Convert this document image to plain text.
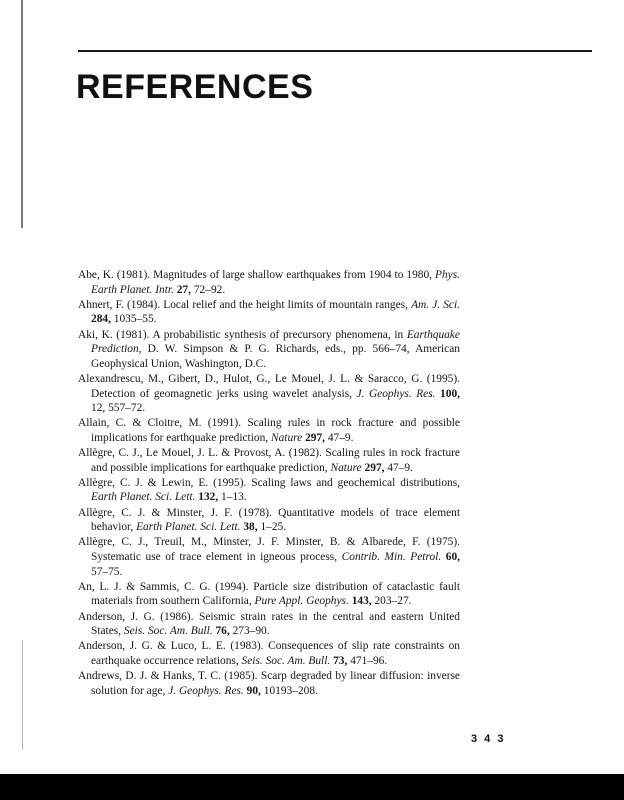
REFERENCES
Abe, K. (1981). Magnitudes of large shallow earthquakes from 1904 to 1980, Phys. Earth Planet. Intr. 27, 72–92.
Ahnert, F. (1984). Local relief and the height limits of mountain ranges, Am. J. Sci. 284, 1035–55.
Aki, K. (1981). A probabilistic synthesis of precursory phenomena, in Earthquake Prediction, D. W. Simpson & P. G. Richards, eds., pp. 566–74, American Geophysical Union, Washington, D.C.
Alexandrescu, M., Gibert, D., Hulot, G., Le Mouel, J. L. & Saracco, G. (1995). Detection of geomagnetic jerks using wavelet analysis, J. Geophys. Res. 100, 12, 557–72.
Allain, C. & Cloitre, M. (1991). Scaling rules in rock fracture and possible implications for earthquake prediction, Nature 297, 47–9.
Allègre, C. J., Le Mouel, J. L. & Provost, A. (1982). Scaling rules in rock fracture and possible implications for earthquake prediction, Nature 297, 47–9.
Allègre, C. J. & Lewin, E. (1995). Scaling laws and geochemical distributions, Earth Planet. Sci. Lett. 132, 1–13.
Allègre, C. J. & Minster, J. F. (1978). Quantitative models of trace element behavior, Earth Planet. Sci. Lett. 38, 1–25.
Allègre, C. J., Treuil, M., Minster, J. F. Minster, B. & Albarede, F. (1975). Systematic use of trace element in igneous process, Contrib. Min. Petrol. 60, 57–75.
An, L. J. & Sammis, C. G. (1994). Particle size distribution of cataclastic fault materials from southern California, Pure Appl. Geophys. 143, 203–27.
Anderson, J. G. (1986). Seismic strain rates in the central and eastern United States, Seis. Soc. Am. Bull. 76, 273–90.
Anderson, J. G. & Luco, L. E. (1983). Consequences of slip rate constraints on earthquake occurrence relations, Seis. Soc. Am. Bull. 73, 471–96.
Andrews, D. J. & Hanks, T. C. (1985). Scarp degraded by linear diffusion: inverse solution for age, J. Geophys. Res. 90, 10193–208.
3 4 3
